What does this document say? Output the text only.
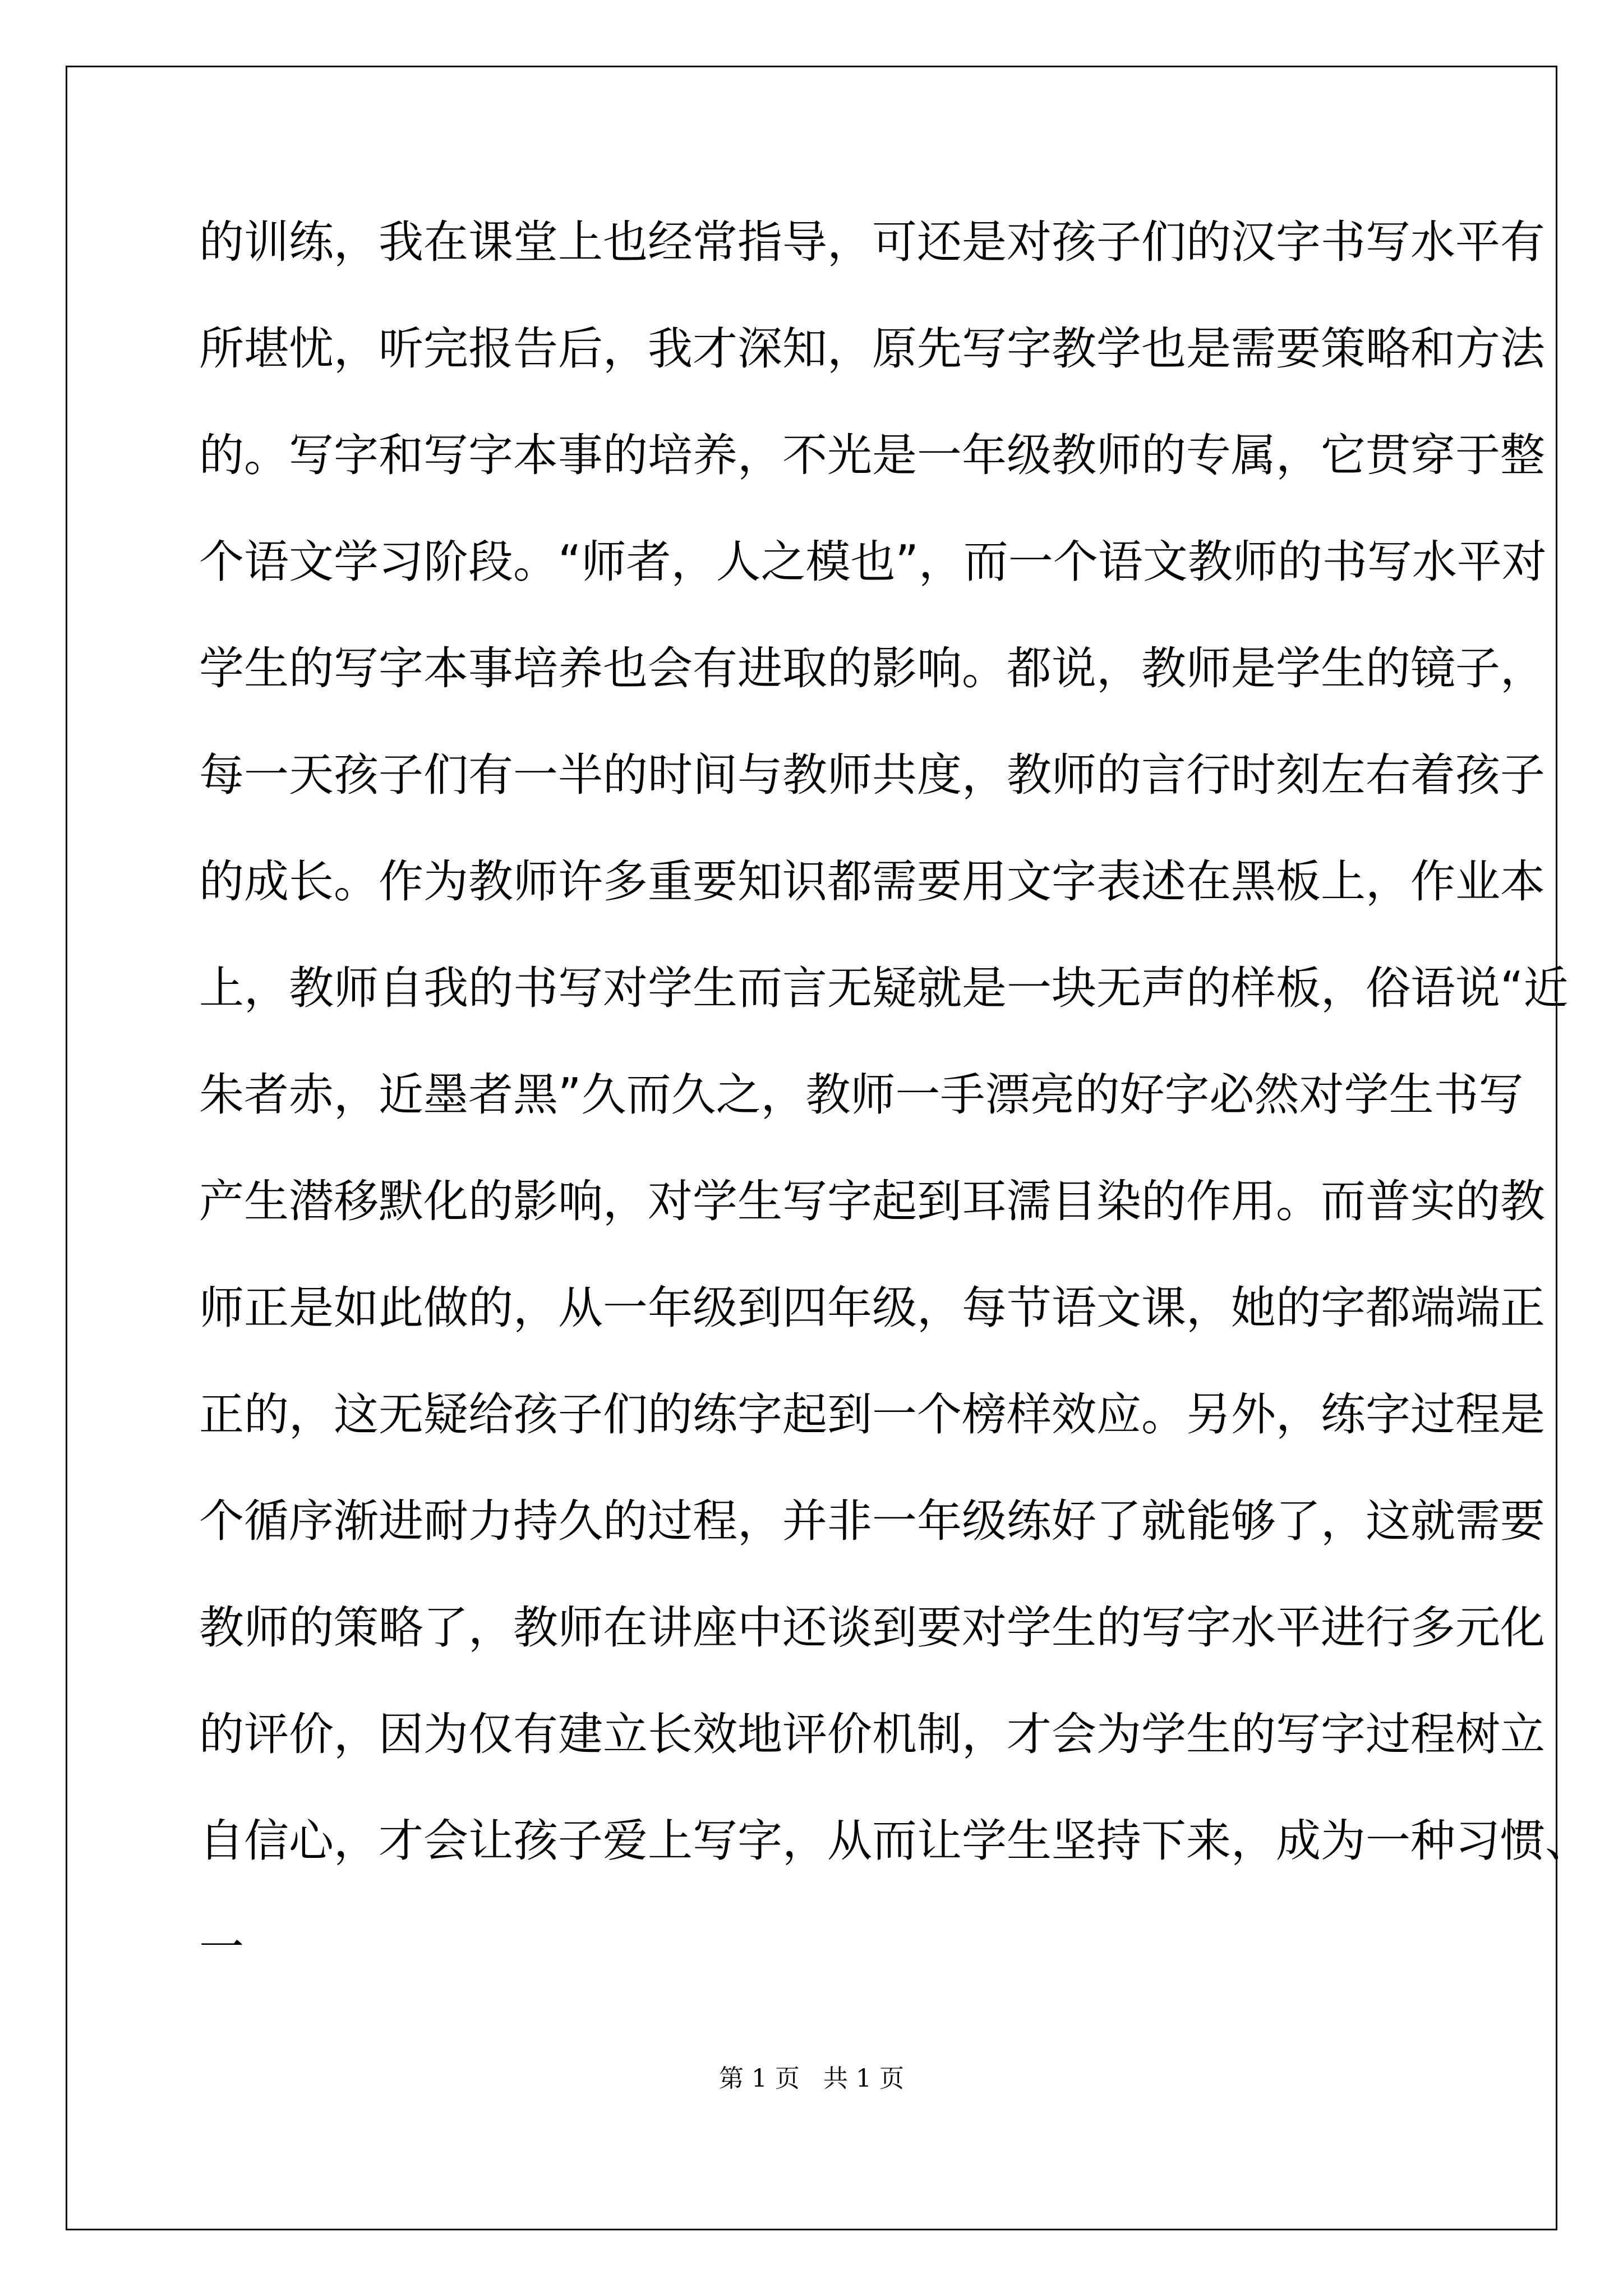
的训练，我在课堂上也经常指导，可还是对孩子们的汉字书写水平有
所堪忧，听完报告后，我才深知，原先写字教学也是需要策略和方法
的。写字和写字本事的培养，不光是一年级教师的专属，它贯穿于整
个语文学习阶段。“师者，人之模也”，而一个语文教师的书写水平对
学生的写字本事培养也会有进取的影响。都说，教师是学生的镜子，
每一天孩子们有一半的时间与教师共度，教师的言行时刻左右着孩子
的成长。作为教师许多重要知识都需要用文字表述在黑板上，作业本
上，教师自我的书写对学生而言无疑就是一块无声的样板，俗语说“近
朱者赤，近墨者黑”久而久之，教师一手漂亮的好字必然对学生书写
产生潜移默化的影响，对学生写字起到耳濡目染的作用。而普实的教
师正是如此做的，从一年级到四年级，每节语文课，她的字都端端正
正的，这无疑给孩子们的练字起到一个榜样效应。另外，练字过程是
个循序渐进耐力持久的过程，并非一年级练好了就能够了，这就需要
教师的策略了，教师在讲座中还谈到要对学生的写字水平进行多元化
的评价，因为仅有建立长效地评价机制，才会为学生的写字过程树立
自信心，才会让孩子爱上写字，从而让学生坚持下来，成为一种习惯、
一
第 1 页   共 1 页
